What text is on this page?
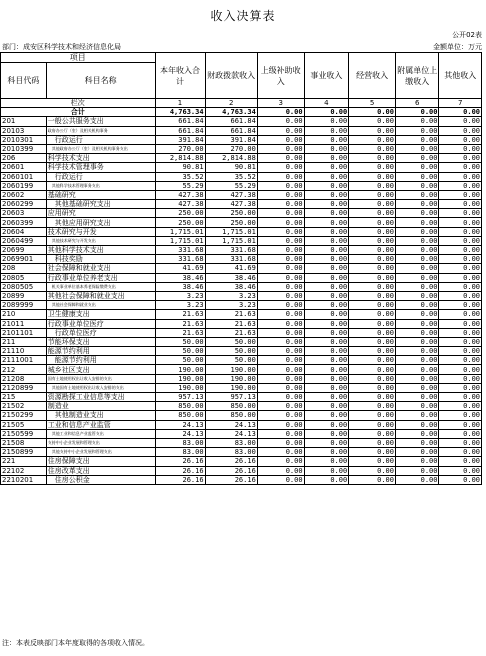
收入决算表
公开02表
部门：成安区科学技术和经济信息化局	金额单位：万元
项目		本年收入合计	财政拨款收入	上级补助收入	事业收入	经营收入	附属单位上缴收入	其他收入
科目代码	科目名称							
栏次		1	2	3	4	5	6	7
合计		4,763.34	4,763.34	0.00	0.00	0.00	0.00	0.00
201	一般公共服务支出	661.84	661.84	0.00	0.00	0.00	0.00	0.00
20103	政府办公厅（室）及相关机构事务	661.84	661.84	0.00	0.00	0.00	0.00	0.00
2010301	　行政运行	391.84	391.84	0.00	0.00	0.00	0.00	0.00
2010399	　其他政府办公厅（室）及相关机构事务支出	270.00	270.00	0.00	0.00	0.00	0.00	0.00
206	科学技术支出	2,814.88	2,814.88	0.00	0.00	0.00	0.00	0.00
20601	科学技术管理事务	90.81	90.81	0.00	0.00	0.00	0.00	0.00
2060101	　行政运行	35.52	35.52	0.00	0.00	0.00	0.00	0.00
2060199	　其他科学技术管理事务支出	55.29	55.29	0.00	0.00	0.00	0.00	0.00
20602	基础研究	427.38	427.38	0.00	0.00	0.00	0.00	0.00
2060299	　其他基础研究支出	427.38	427.38	0.00	0.00	0.00	0.00	0.00
20603	应用研究	250.00	250.00	0.00	0.00	0.00	0.00	0.00
2060399	　其他应用研究支出	250.00	250.00	0.00	0.00	0.00	0.00	0.00
20604	技术研究与开发	1,715.01	1,715.01	0.00	0.00	0.00	0.00	0.00
2060499	　其他技术研究与开发支出	1,715.01	1,715.01	0.00	0.00	0.00	0.00	0.00
20699	其他科学技术支出	331.68	331.68	0.00	0.00	0.00	0.00	0.00
2069901	　科技奖励	331.68	331.68	0.00	0.00	0.00	0.00	0.00
208	社会保障和就业支出	41.69	41.69	0.00	0.00	0.00	0.00	0.00
20805	行政事业单位养老支出	38.46	38.46	0.00	0.00	0.00	0.00	0.00
2080505	　机关事业单位基本养老保险缴费支出	38.46	38.46	0.00	0.00	0.00	0.00	0.00
20899	其他社会保障和就业支出	3.23	3.23	0.00	0.00	0.00	0.00	0.00
2089999	　其他社会保障和就业支出	3.23	3.23	0.00	0.00	0.00	0.00	0.00
210	卫生健康支出	21.63	21.63	0.00	0.00	0.00	0.00	0.00
21011	行政事业单位医疗	21.63	21.63	0.00	0.00	0.00	0.00	0.00
2101101	　行政单位医疗	21.63	21.63	0.00	0.00	0.00	0.00	0.00
211	节能环保支出	50.00	50.00	0.00	0.00	0.00	0.00	0.00
21110	能源节约利用	50.00	50.00	0.00	0.00	0.00	0.00	0.00
2111001	　能源节约利用	50.00	50.00	0.00	0.00	0.00	0.00	0.00
212	城乡社区支出	190.00	190.00	0.00	0.00	0.00	0.00	0.00
21208	国有土地使用权出让收入安排的支出	190.00	190.00	0.00	0.00	0.00	0.00	0.00
2120899	　其他国有土地使用权出让收入安排的支出	190.00	190.00	0.00	0.00	0.00	0.00	0.00
215	资源勘探工业信息等支出	957.13	957.13	0.00	0.00	0.00	0.00	0.00
21502	制造业	850.00	850.00	0.00	0.00	0.00	0.00	0.00
2150299	　其他制造业支出	850.00	850.00	0.00	0.00	0.00	0.00	0.00
21505	工业和信息产业监管	24.13	24.13	0.00	0.00	0.00	0.00	0.00
2150599	　其他工业和信息产业监管支出	24.13	24.13	0.00	0.00	0.00	0.00	0.00
21508	支持中小企业发展和管理支出	83.00	83.00	0.00	0.00	0.00	0.00	0.00
2150899	　其他支持中小企业发展和管理支出	83.00	83.00	0.00	0.00	0.00	0.00	0.00
221	住房保障支出	26.16	26.16	0.00	0.00	0.00	0.00	0.00
22102	住房改革支出	26.16	26.16	0.00	0.00	0.00	0.00	0.00
2210201	　住房公积金	26.16	26.16	0.00	0.00	0.00	0.00	0.00
注：本表反映部门本年度取得的各项收入情况。
